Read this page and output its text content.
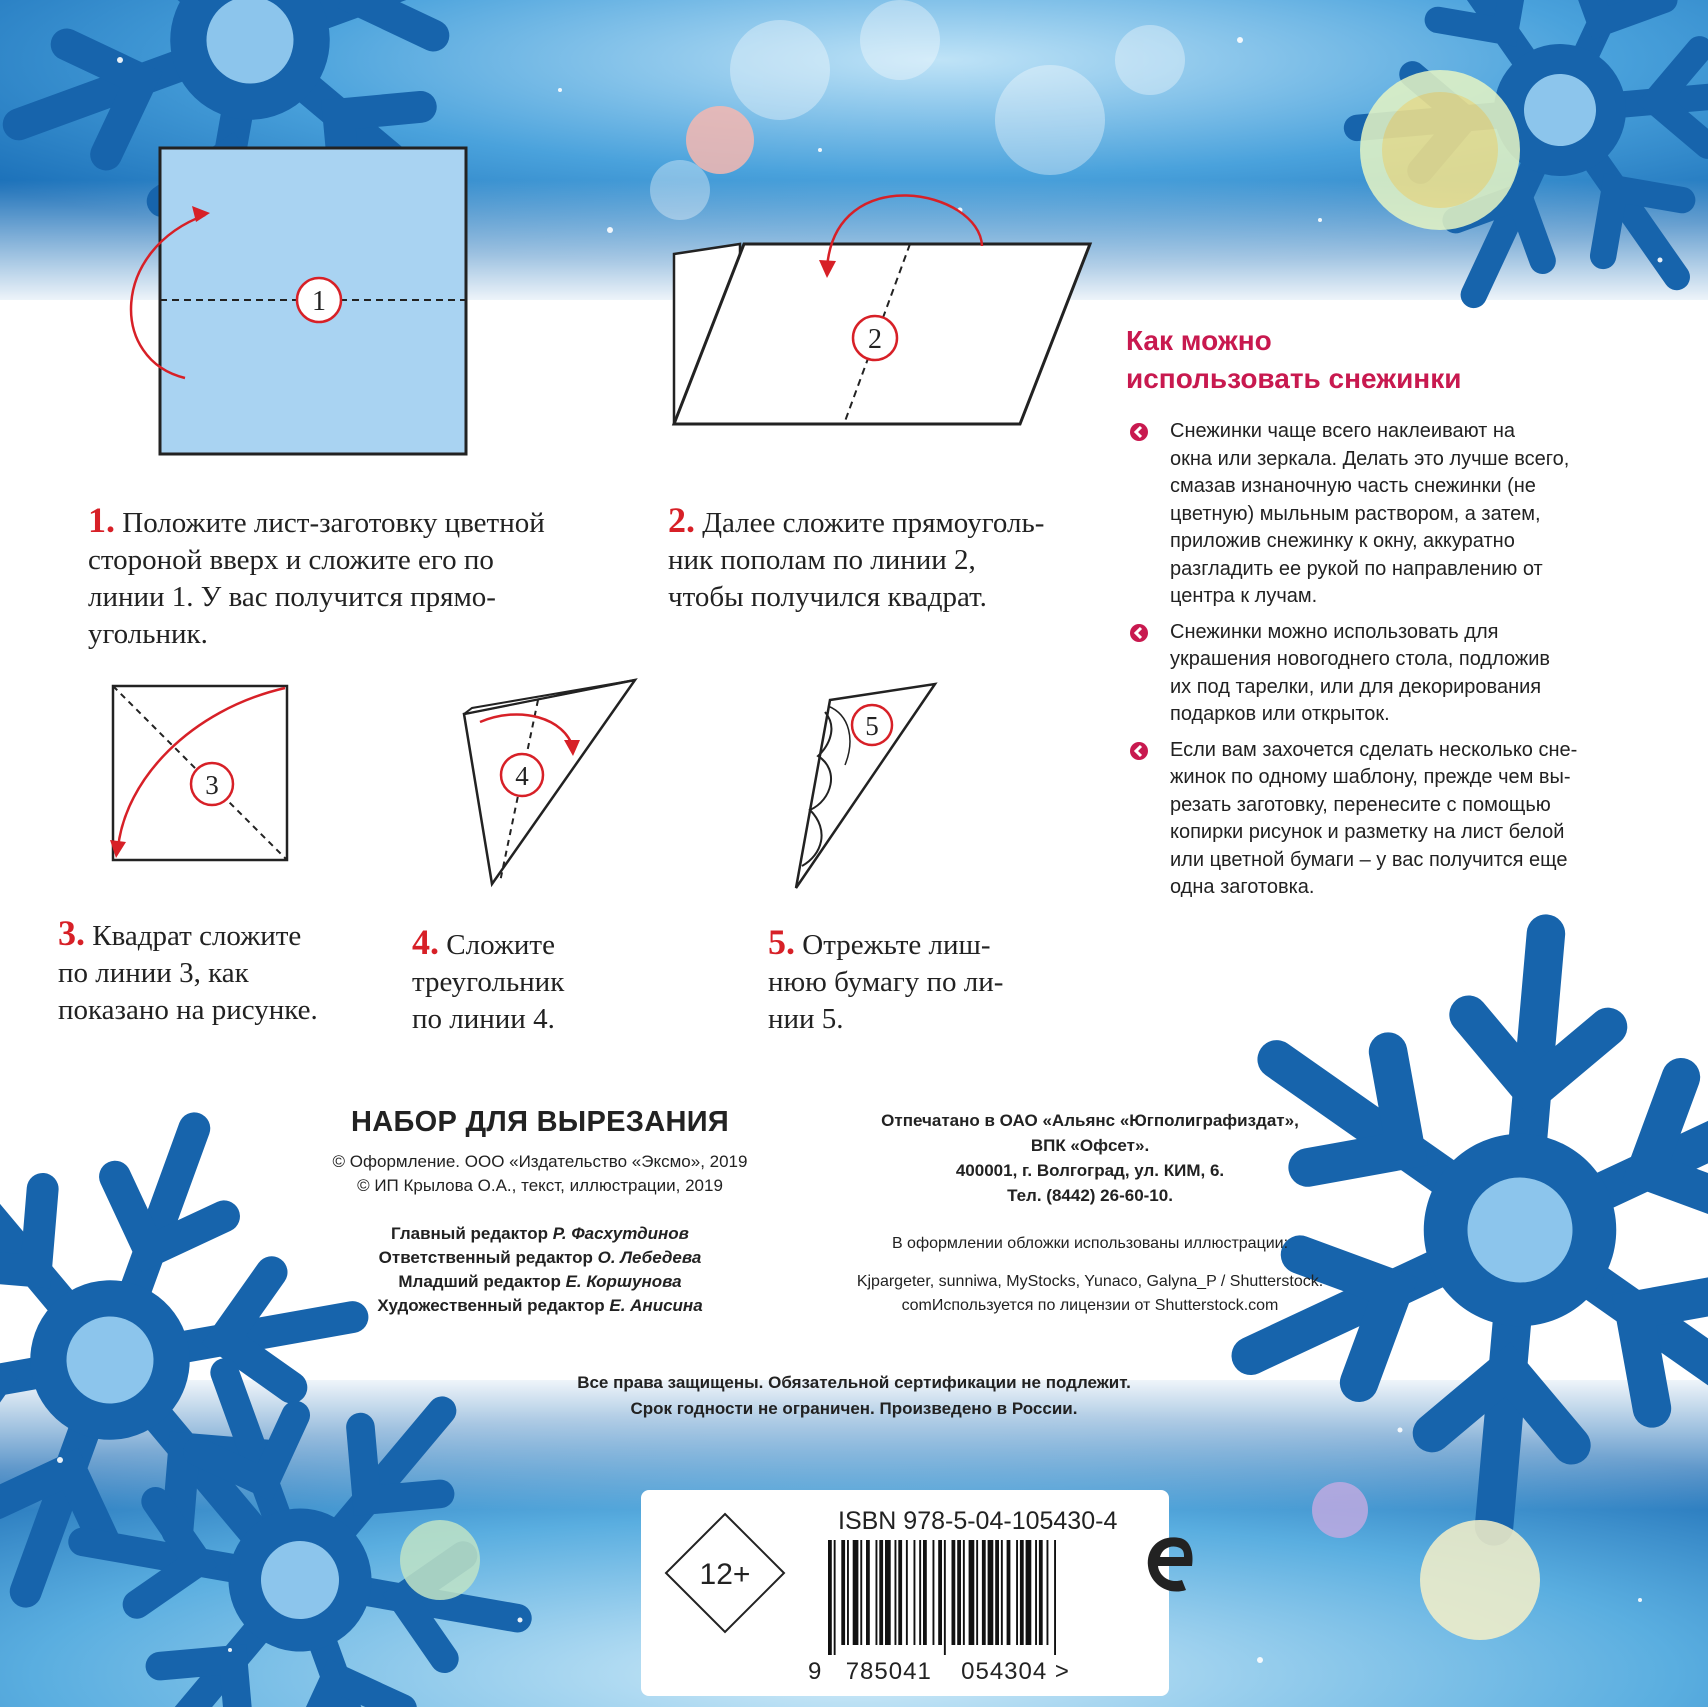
1
2
3	4
5
1. Положите лист-заготовку цветной
стороной вверх и сложите его по
линии 1. У вас получится прямо-
угольник.
2. Далее сложите прямоуголь-
ник пополам по линии 2,
чтобы получился квадрат.
3. Квадрат сложите
по линии 3, как
показано на рисунке.
4. Сложите
треугольник
по линии 4.
5. Отрежьте лиш-
нюю бумагу по ли-
нии 5.
Как можно
использовать снежинки
Снежинки чаще всего наклеивают на
окна или зеркала. Делать это лучше всего,
смазав изнаночную часть снежинки (не
цветную) мыльным раствором, а затем,
приложив снежинку к окну, аккуратно
разгладить ее рукой по направлению от
центра к лучам.
Снежинки можно использовать для
украшения новогоднего стола, подложив
их под тарелки, или для декорирования
подарков или открыток.
Если вам захочется сделать несколько сне-
жинок по одному шаблону, прежде чем вы-
резать заготовку, перенесите с помощью
копирки рисунок и разметку на лист белой
или цветной бумаги – у вас получится еще
одна заготовка.
НАБОР ДЛЯ ВЫРЕЗАНИЯ
© Оформление. ООО «Издательство «Эксмо», 2019
© ИП Крылова О.А., текст, иллюстрации, 2019
Главный редактор Р. Фасхутдинов
Ответственный редактор О. Лебедева
Младший редактор Е. Коршунова
Художественный редактор Е. Анисина
Отпечатано в ОАО «Альянс «Югполиграфиздат»,
ВПК «Офсет».
400001, г. Волгоград, ул. КИМ, 6.
Тел. (8442) 26-60-10.
В оформлении обложки использованы иллюстрации:
Kjpargeter, sunniwa, MyStocks, Yunaco, Galyna_P / Shutterstock.
comИспользуется по лицензии от Shutterstock.com
Все права защищены. Обязательной сертификации не подлежит.
Срок годности не ограничен. Произведено в России.
12+
ISBN 978-5-04-105430-4
9 785041 054304 >
